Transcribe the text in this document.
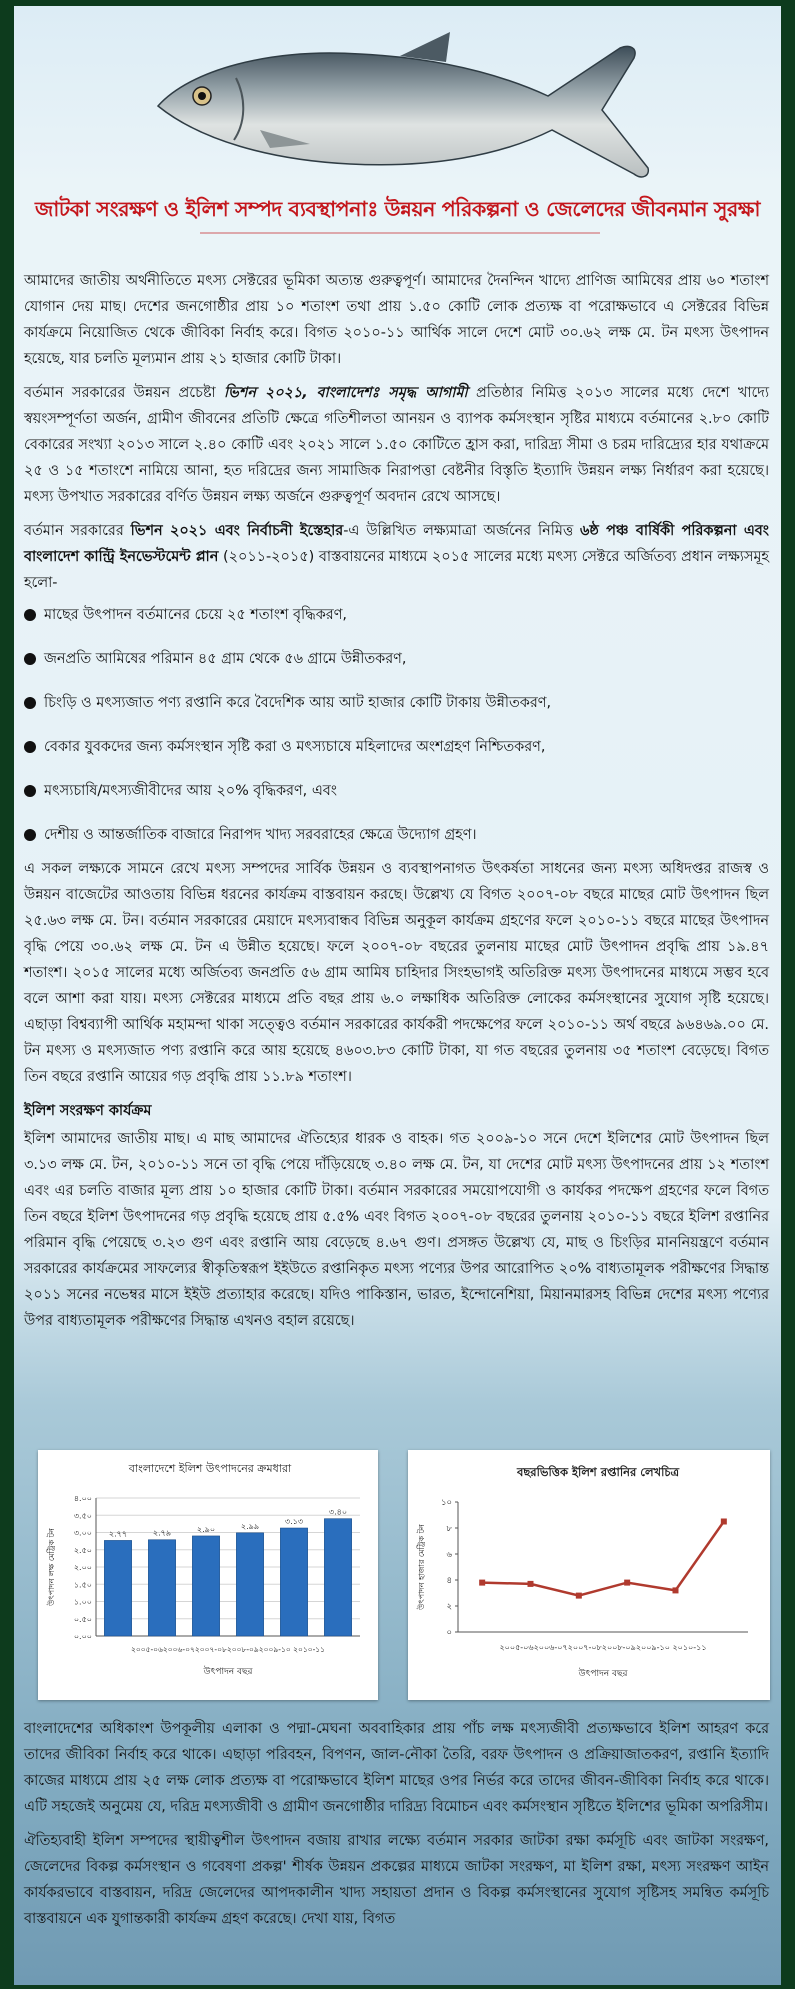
জাটকা সংরক্ষণ ও ইলিশ সম্পদ ব্যবস্থাপনাঃ উন্নয়ন পরিকল্পনা ও জেলেদের জীবনমান সুরক্ষা

আমাদের জাতীয় অর্থনীতিতে মৎস্য সেক্টরের ভূমিকা অত্যন্ত গুরুত্বপূর্ণ। আমাদের দৈনন্দিন খাদ্যে প্রাণিজ আমিষের প্রায় ৬০ শতাংশ যোগান দেয় মাছ। দেশের জনগোষ্ঠীর প্রায় ১০ শতাংশ তথা প্রায় ১.৫০ কোটি লোক প্রত্যক্ষ বা পরোক্ষভাবে এ সেক্টরের বিভিন্ন কার্যক্রমে নিয়োজিত থেকে জীবিকা নির্বাহ করে। বিগত ২০১০-১১ আর্থিক সালে দেশে মোট ৩০.৬২ লক্ষ মে. টন মৎস্য উৎপাদন হয়েছে, যার চলতি মূল্যমান প্রায় ২১ হাজার কোটি টাকা।

বর্তমান সরকারের উন্নয়ন প্রচেষ্টা ভিশন ২০২১, বাংলাদেশঃ সমৃদ্ধ আগামী প্রতিষ্ঠার নিমিত্ত ২০১৩ সালের মধ্যে দেশে খাদ্যে স্বয়ংসম্পূর্ণতা অর্জন, গ্রামীণ জীবনের প্রতিটি ক্ষেত্রে গতিশীলতা আনয়ন ও ব্যাপক কর্মসংস্থান সৃষ্টির মাধ্যমে বর্তমানের ২.৮০ কোটি বেকারের সংখ্যা ২০১৩ সালে ২.৪০ কোটি এবং ২০২১ সালে ১.৫০ কোটিতে হ্রাস করা, দারিদ্র্য সীমা ও চরম দারিদ্র্যের হার যথাক্রমে ২৫ ও ১৫ শতাংশে নামিয়ে আনা, হত দরিদ্রের জন্য সামাজিক নিরাপত্তা বেষ্টনীর বিস্তৃতি ইত্যাদি উন্নয়ন লক্ষ্য নির্ধারণ করা হয়েছে। মৎস্য উপখাত সরকারের বর্ণিত উন্নয়ন লক্ষ্য অর্জনে গুরুত্বপূর্ণ অবদান রেখে আসছে।

বর্তমান সরকারের ভিশন ২০২১ এবং নির্বাচনী ইস্তেহার-এ উল্লিখিত লক্ষ্যমাত্রা অর্জনের নিমিত্ত ৬ষ্ঠ পঞ্চ বার্ষিকী পরিকল্পনা এবং বাংলাদেশ কান্ট্রি ইনভেস্টমেন্ট প্লান (২০১১-২০১৫) বাস্তবায়নের মাধ্যমে ২০১৫ সালের মধ্যে মৎস্য সেক্টরে অর্জিতব্য প্রধান লক্ষ্যসমূহ হলো-

মাছের উৎপাদন বর্তমানের চেয়ে ২৫ শতাংশ বৃদ্ধিকরণ,
জনপ্রতি আমিষের পরিমান ৪৫ গ্রাম থেকে ৫৬ গ্রামে উন্নীতকরণ,
চিংড়ি ও মৎস্যজাত পণ্য রপ্তানি করে বৈদেশিক আয় আট হাজার কোটি টাকায় উন্নীতকরণ,
বেকার যুবকদের জন্য কর্মসংস্থান সৃষ্টি করা ও মৎস্যচাষে মহিলাদের অংশগ্রহণ নিশ্চিতকরণ,
মৎস্যচাষি/মৎস্যজীবীদের আয় ২০% বৃদ্ধিকরণ, এবং
দেশীয় ও আন্তর্জাতিক বাজারে নিরাপদ খাদ্য সরবরাহের ক্ষেত্রে উদ্যোগ গ্রহণ।

এ সকল লক্ষ্যকে সামনে রেখে মৎস্য সম্পদের সার্বিক উন্নয়ন ও ব্যবস্থাপনাগত উৎকর্ষতা সাধনের জন্য মৎস্য অধিদপ্তর রাজস্ব ও উন্নয়ন বাজেটের আওতায় বিভিন্ন ধরনের কার্যক্রম বাস্তবায়ন করছে। উল্লেখ্য যে বিগত ২০০৭-০৮ বছরে মাছের মোট উৎপাদন ছিল ২৫.৬৩ লক্ষ মে. টন। বর্তমান সরকারের মেয়াদে মৎস্যবান্ধব বিভিন্ন অনুকূল কার্যক্রম গ্রহণের ফলে ২০১০-১১ বছরে মাছের উৎপাদন বৃদ্ধি পেয়ে ৩০.৬২ লক্ষ মে. টন এ উন্নীত হয়েছে। ফলে ২০০৭-০৮ বছরের তুলনায় মাছের মোট উৎপাদন প্রবৃদ্ধি প্রায় ১৯.৪৭ শতাংশ। ২০১৫ সালের মধ্যে অর্জিতব্য জনপ্রতি ৫৬ গ্রাম আমিষ চাহিদার সিংহভাগই অতিরিক্ত মৎস্য উৎপাদনের মাধ্যমে সম্ভব হবে বলে আশা করা যায়। মৎস্য সেক্টরের মাধ্যমে প্রতি বছর প্রায় ৬.০ লক্ষাধিক অতিরিক্ত লোকের কর্মসংস্থানের সুযোগ সৃষ্টি হয়েছে। এছাড়া বিশ্বব্যাপী আর্থিক মহামন্দা থাকা সত্ত্বেও বর্তমান সরকারের কার্যকরী পদক্ষেপের ফলে ২০১০-১১ অর্থ বছরে ৯৬৪৬৯.০০ মে. টন মৎস্য ও মৎস্যজাত পণ্য রপ্তানি করে আয় হয়েছে ৪৬০৩.৮৩ কোটি টাকা, যা গত বছরের তুলনায় ৩৫ শতাংশ বেড়েছে। বিগত তিন বছরে রপ্তানি আয়ের গড় প্রবৃদ্ধি প্রায় ১১.৮৯ শতাংশ।

ইলিশ সংরক্ষণ কার্যক্রম

ইলিশ আমাদের জাতীয় মাছ। এ মাছ আমাদের ঐতিহ্যের ধারক ও বাহক। গত ২০০৯-১০ সনে দেশে ইলিশের মোট উৎপাদন ছিল ৩.১৩ লক্ষ মে. টন, ২০১০-১১ সনে তা বৃদ্ধি পেয়ে দাঁড়িয়েছে ৩.৪০ লক্ষ মে. টন, যা দেশের মোট মৎস্য উৎপাদনের প্রায় ১২ শতাংশ এবং এর চলতি বাজার মূল্য প্রায় ১০ হাজার কোটি টাকা। বর্তমান সরকারের সময়োপযোগী ও কার্যকর পদক্ষেপ গ্রহণের ফলে বিগত তিন বছরে ইলিশ উৎপাদনের গড় প্রবৃদ্ধি হয়েছে প্রায় ৫.৫% এবং বিগত ২০০৭-০৮ বছরের তুলনায় ২০১০-১১ বছরে ইলিশ রপ্তানির পরিমান বৃদ্ধি পেয়েছে ৩.২৩ গুণ এবং রপ্তানি আয় বেড়েছে ৪.৬৭ গুণ। প্রসঙ্গত উল্লেখ্য যে, মাছ ও চিংড়ির মাননিয়ন্ত্রণে বর্তমান সরকারের কার্যক্রমের সাফল্যের স্বীকৃতিস্বরূপ ইইউতে রপ্তানিকৃত মৎস্য পণ্যের উপর আরোপিত ২০% বাধ্যতামূলক পরীক্ষণের সিদ্ধান্ত ২০১১ সনের নভেম্বর মাসে ইইউ প্রত্যাহার করেছে। যদিও পাকিস্তান, ভারত, ইন্দোনেশিয়া, মিয়ানমারসহ বিভিন্ন দেশের মৎস্য পণ্যের উপর বাধ্যতামূলক পরীক্ষণের সিদ্ধান্ত এখনও বহাল রয়েছে।

বাংলাদেশে ইলিশ উৎপাদনের ক্রমধারা
০.০০
০.৫০
১.০০
১.৫০
২.০০
২.৫০
৩.০০
৩.৫০
৪.০০
২.৭৭	২.৭৯	২.৯০	২.৯৯
৩.১৩
৩.৪০
২০০৫-০৬২০০৬-০৭২০০৭-০৮২০০৮-০৯২০০৯-১০ ২০১০-১১
উৎপাদন বছর
উৎপাদন লক্ষ মেট্রিক টন
বছরভিত্তিক ইলিশ রপ্তানির লেখচিত্র
০
২
৪
৬
৮
১০
২০০৫-০৬২০০৬-০৭২০০৭-০৮২০০৮-০৯২০০৯-১০ ২০১০-১১
উৎপাদন বছর
উৎপাদন হাজার মেট্রিক টন

বাংলাদেশের অধিকাংশ উপকূলীয় এলাকা ও পদ্মা-মেঘনা অববাহিকার প্রায় পাঁচ লক্ষ মৎস্যজীবী প্রত্যক্ষভাবে ইলিশ আহরণ করে তাদের জীবিকা নির্বাহ করে থাকে। এছাড়া পরিবহন, বিপণন, জাল-নৌকা তৈরি, বরফ উৎপাদন ও প্রক্রিয়াজাতকরণ, রপ্তানি ইত্যাদি কাজের মাধ্যমে প্রায় ২৫ লক্ষ লোক প্রত্যক্ষ বা পরোক্ষভাবে ইলিশ মাছের ওপর নির্ভর করে তাদের জীবন-জীবিকা নির্বাহ করে থাকে। এটি সহজেই অনুমেয় যে, দরিদ্র মৎস্যজীবী ও গ্রামীণ জনগোষ্ঠীর দারিদ্র্য বিমোচন এবং কর্মসংস্থান সৃষ্টিতে ইলিশের ভূমিকা অপরিসীম।

ঐতিহ্যবাহী ইলিশ সম্পদের স্থায়ীত্বশীল উৎপাদন বজায় রাখার লক্ষ্যে বর্তমান সরকার জাটকা রক্ষা কর্মসূচি এবং জাটকা সংরক্ষণ, জেলেদের বিকল্প কর্মসংস্থান ও গবেষণা প্রকল্প' শীর্ষক উন্নয়ন প্রকল্পের মাধ্যমে জাটকা সংরক্ষণ, মা ইলিশ রক্ষা, মৎস্য সংরক্ষণ আইন কার্যকরভাবে বাস্তবায়ন, দরিদ্র জেলেদের আপদকালীন খাদ্য সহায়তা প্রদান ও বিকল্প কর্মসংস্থানের সুযোগ সৃষ্টিসহ সমন্বিত কর্মসূচি বাস্তবায়নে এক যুগান্তকারী কার্যক্রম গ্রহণ করেছে। দেখা যায়, বিগত
